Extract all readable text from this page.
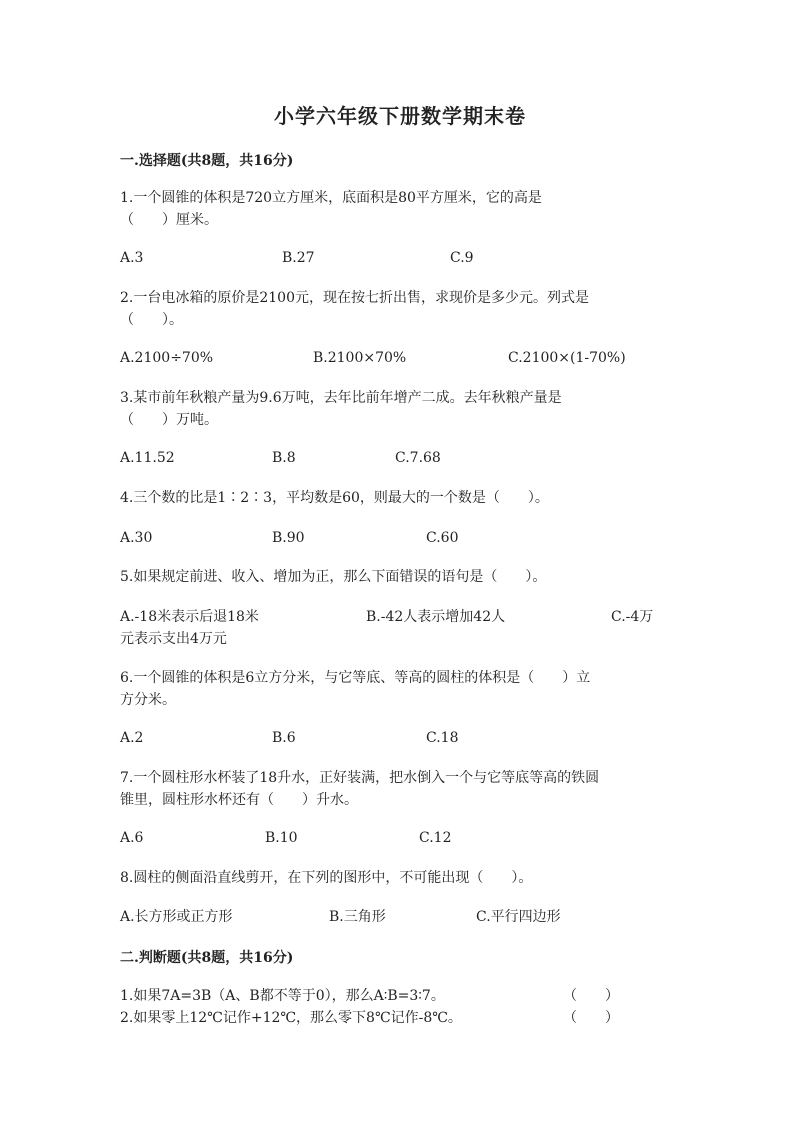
小学六年级下册数学期末卷
一.选择题(共8题，共16分)
1.一个圆锥的体积是720立方厘米，底面积是80平方厘米，它的高是
（　　）厘米。
A.3	B.27	C.9
2.一台电冰箱的原价是2100元，现在按七折出售，求现价是多少元。列式是
（　　）。
A.2100÷70%	B.2100×70%	C.2100×(1-70%)
3.某市前年秋粮产量为9.6万吨，去年比前年增产二成。去年秋粮产量是
（　　）万吨。
A.11.52	B.8	C.7.68
4.三个数的比是1∶2∶3，平均数是60，则最大的一个数是（　　）。
A.30	B.90	C.60
5.如果规定前进、收入、增加为正，那么下面错误的语句是（　　）。
A.-18米表示后退18米	B.-42人表示增加42人	C.-4万
元表示支出4万元
6.一个圆锥的体积是6立方分米，与它等底、等高的圆柱的体积是（　　）立
方分米。
A.2	B.6	C.18
7.一个圆柱形水杯装了18升水，正好装满，把水倒入一个与它等底等高的铁圆
锥里，圆柱形水杯还有（　　）升水。
A.6	B.10	C.12
8.圆柱的侧面沿直线剪开，在下列的图形中，不可能出现（　　）。
A.长方形或正方形	B.三角形	C.平行四边形
二.判断题(共8题，共16分)
1.如果7A=3B（A、B都不等于0），那么A∶B=3∶7。	（　　）
2.如果零上12℃记作+12℃，那么零下8℃记作-8℃。	（　　）
